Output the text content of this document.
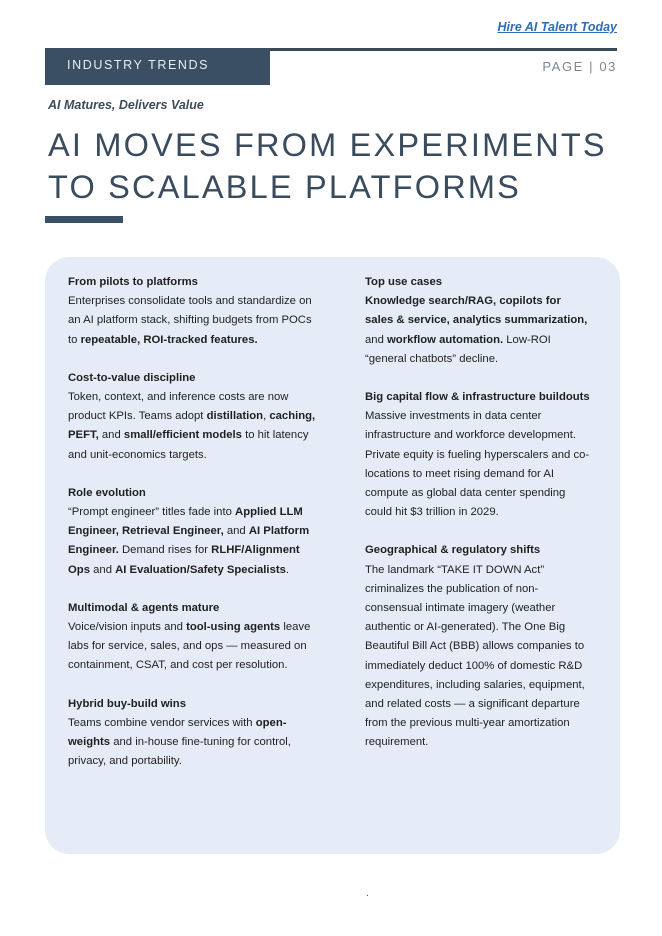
Hire AI Talent Today
INDUSTRY TRENDS	PAGE | 03
AI Matures, Delivers Value
AI MOVES FROM EXPERIMENTS TO SCALABLE PLATFORMS

From pilots to platforms

Enterprises consolidate tools and standardize on an AI platform stack, shifting budgets from POCs to repeatable, ROI-tracked features.

Cost-to-value discipline

Token, context, and inference costs are now product KPIs. Teams adopt distillation, caching, PEFT, and small/efficient models to hit latency and unit-economics targets.

Role evolution

“Prompt engineer” titles fade into Applied LLM Engineer, Retrieval Engineer, and AI Platform Engineer. Demand rises for RLHF/Alignment Ops and AI Evaluation/Safety Specialists.

Multimodal & agents mature

Voice/vision inputs and tool-using agents leave labs for service, sales, and ops — measured on containment, CSAT, and cost per resolution.

Hybrid buy-build wins

Teams combine vendor services with open-weights and in-house fine-tuning for control, privacy, and portability.

Top use cases

Knowledge search/RAG, copilots for sales & service, analytics summarization, and workflow automation. Low-ROI “general chatbots” decline.

Big capital flow & infrastructure buildouts

Massive investments in data center infrastructure and workforce development. Private equity is fueling hyperscalers and co-locations to meet rising demand for AI compute as global data center spending could hit $3 trillion in 2029.

Geographical & regulatory shifts

The landmark “TAKE IT DOWN Act” criminalizes the publication of non-consensual intimate imagery (weather authentic or AI-generated). The One Big Beautiful Bill Act (BBB) allows companies to immediately deduct 100% of domestic R&D expenditures, including salaries, equipment, and related costs — a significant departure from the previous multi-year amortization requirement.

.
